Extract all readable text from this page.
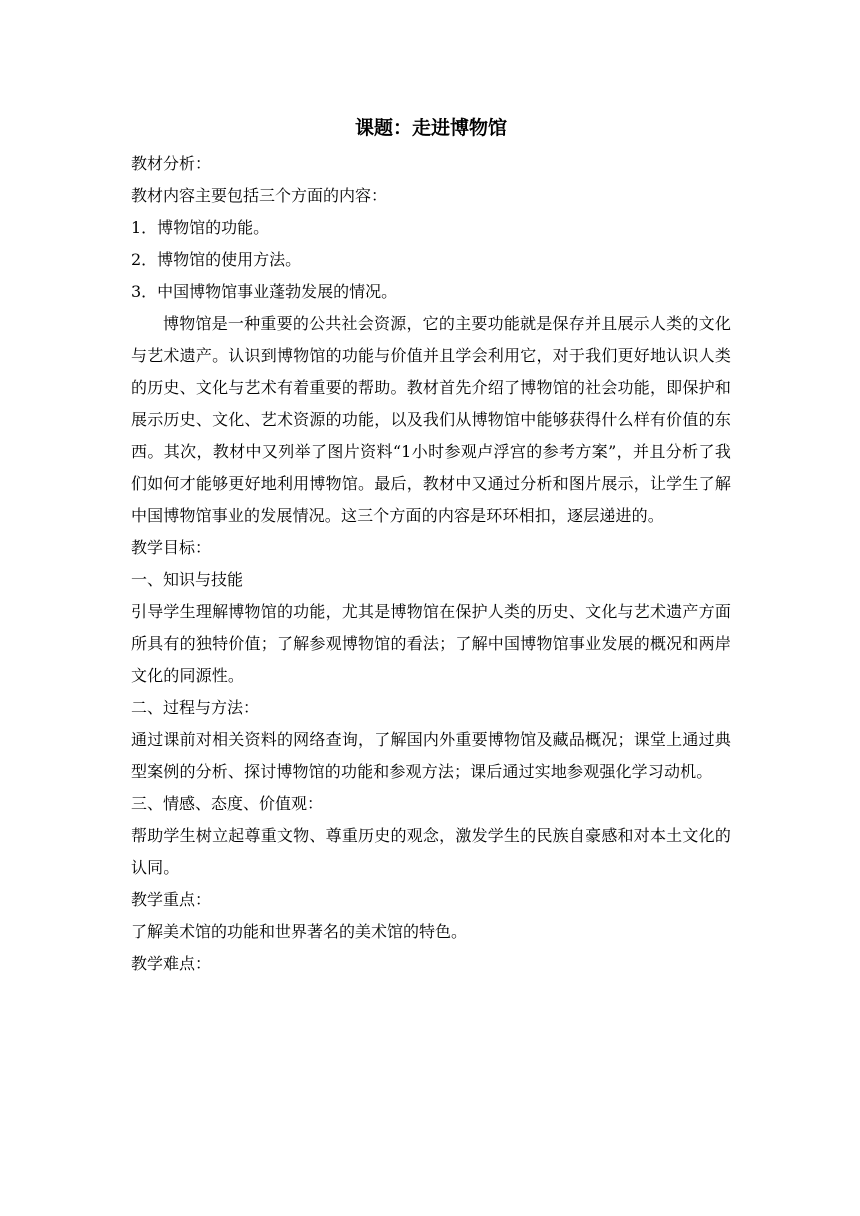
课题：走进博物馆

教材分析：

教材内容主要包括三个方面的内容：

1．博物馆的功能。

2．博物馆的使用方法。

3．中国博物馆事业蓬勃发展的情况。

博物馆是一种重要的公共社会资源，它的主要功能就是保存并且展示人类的文化与艺术遗产。认识到博物馆的功能与价值并且学会利用它，对于我们更好地认识人类的历史、文化与艺术有着重要的帮助。教材首先介绍了博物馆的社会功能，即保护和展示历史、文化、艺术资源的功能，以及我们从博物馆中能够获得什么样有价值的东西。其次，教材中又列举了图片资料“1小时参观卢浮宫的参考方案”，并且分析了我们如何才能够更好地利用博物馆。最后，教材中又通过分析和图片展示，让学生了解中国博物馆事业的发展情况。这三个方面的内容是环环相扣，逐层递进的。

教学目标：

一、知识与技能

引导学生理解博物馆的功能，尤其是博物馆在保护人类的历史、文化与艺术遗产方面所具有的独特价值；了解参观博物馆的看法；了解中国博物馆事业发展的概况和两岸文化的同源性。

二、过程与方法：

通过课前对相关资料的网络查询，了解国内外重要博物馆及藏品概况；课堂上通过典型案例的分析、探讨博物馆的功能和参观方法；课后通过实地参观强化学习动机。

三、情感、态度、价值观：

帮助学生树立起尊重文物、尊重历史的观念，激发学生的民族自豪感和对本土文化的认同。

教学重点：

了解美术馆的功能和世界著名的美术馆的特色。

教学难点：
